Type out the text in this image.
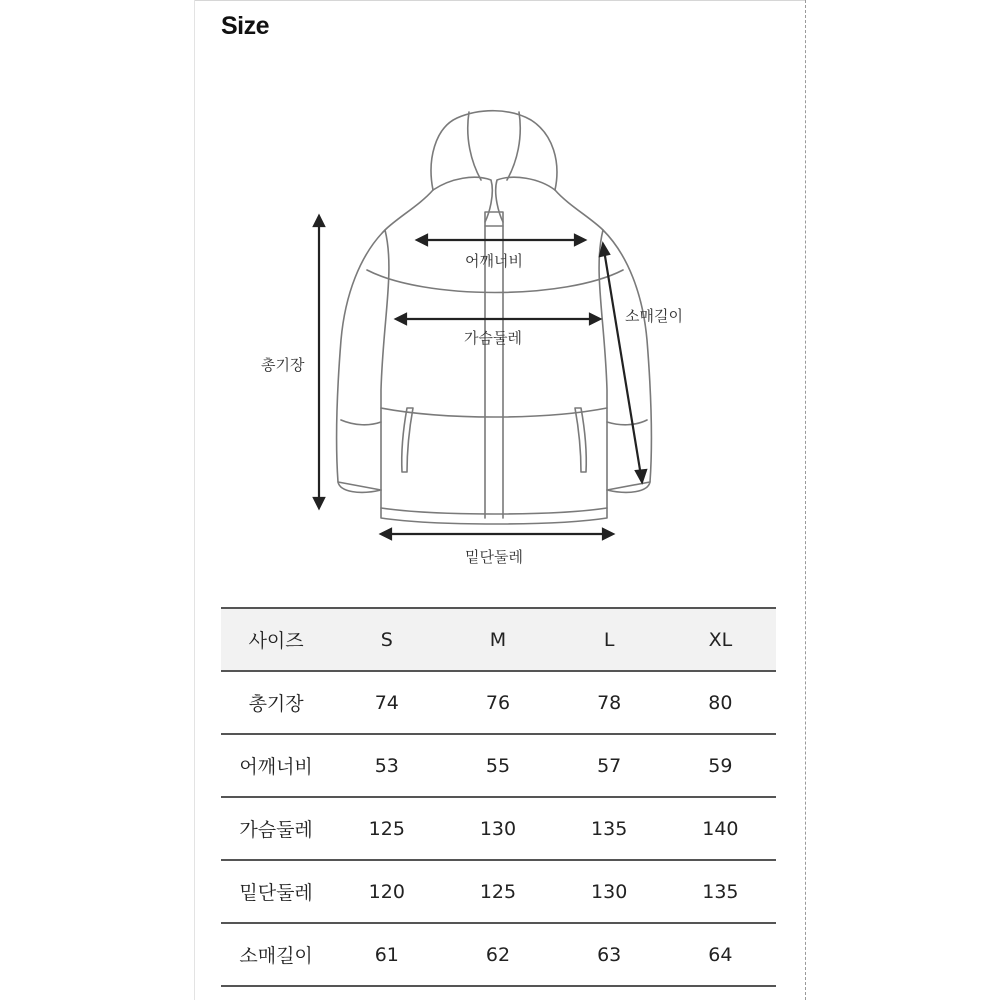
Size
어깨너비
가슴둘레
소매길이
총기장
밑단둘레
사이즈	S	M	L	XL
총기장	74	76	78	80
어깨너비	53	55	57	59
가슴둘레	125	130	135	140
밑단둘레	120	125	130	135
소매길이	61	62	63	64
